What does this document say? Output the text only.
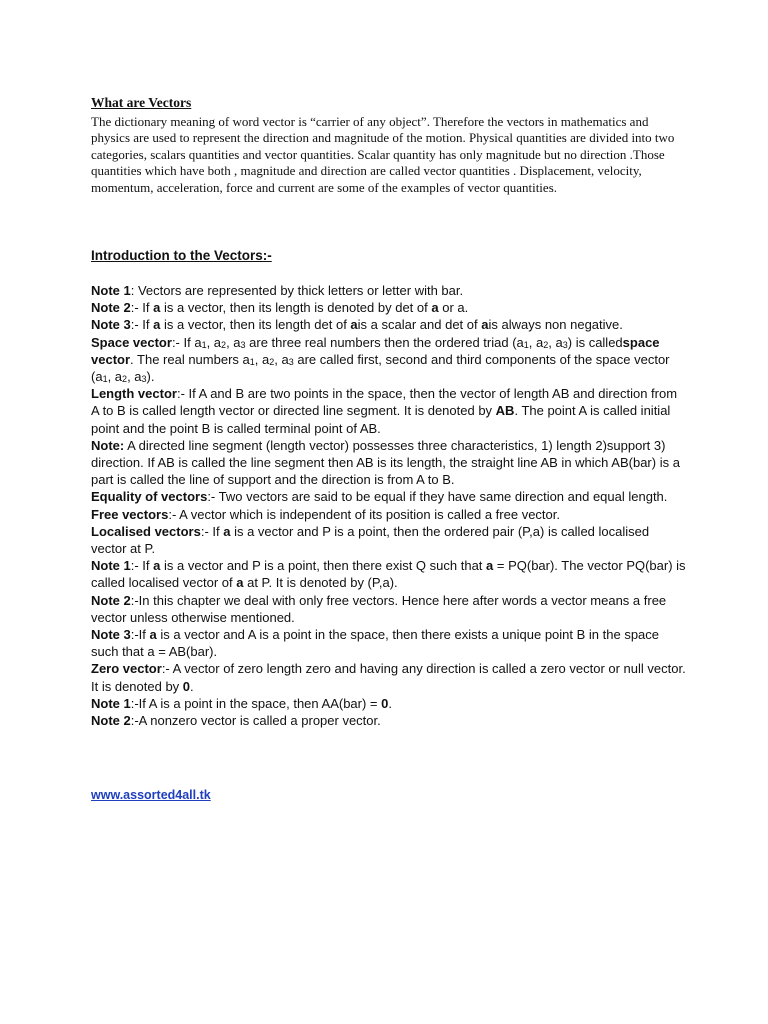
What are Vectors
The dictionary meaning of word vector is “carrier of any object”. Therefore the vectors in mathematics and physics are used to represent the direction and magnitude of the motion. Physical quantities are divided into two categories, scalars quantities and vector quantities. Scalar quantity has only magnitude but no direction .Those quantities which have both , magnitude and direction are called vector quantities . Displacement, velocity, momentum, acceleration, force and current are some of the examples of vector quantities.
Introduction to the Vectors:-

Note 1: Vectors are represented by thick letters or letter with bar.

Note 2:- If a is a vector, then its length is denoted by det of a or a.

Note 3:- If a is a vector, then its length det of ais a scalar and det of ais always non negative.

Space vector:- If $a_1$, $a_2$, $a_3$ are three real numbers then the ordered triad ($a_1$, $a_2$, $a_3$) is calledspace vector. The real numbers $a_1$, $a_2$, $a_3$ are called first, second and third components of the space vector ($a_1$, $a_2$, $a_3$).

Length vector:- If A and B are two points in the space, then the vector of length AB and direction from A to B is called length vector or directed line segment. It is denoted by AB. The point A is called initial point and the point B is called terminal point of AB.

Note: A directed line segment (length vector) possesses three characteristics, 1) length 2)support 3) direction. If AB is called the line segment then AB is its length, the straight line AB in which AB(bar) is a part is called the line of support and the direction is from A to B.

Equality of vectors:- Two vectors are said to be equal if they have same direction and equal length.

Free vectors:- A vector which is independent of its position is called a free vector.

Localised vectors:- If a is a vector and P is a point, then the ordered pair (P,a) is called localised vector at P.

Note 1:- If a is a vector and P is a point, then there exist Q such that a = PQ(bar). The vector PQ(bar) is called localised vector of a at P. It is denoted by (P,a).

Note 2:-In this chapter we deal with only free vectors. Hence here after words a vector means a free vector unless otherwise mentioned.

Note 3:-If a is a vector and A is a point in the space, then there exists a unique point B in the space such that a = AB(bar).

Zero vector:- A vector of zero length zero and having any direction is called a zero vector or null vector. It is denoted by 0.

Note 1:-If A is a point in the space, then AA(bar) = 0.

Note 2:-A nonzero vector is called a proper vector.

www.assorted4all.tk
